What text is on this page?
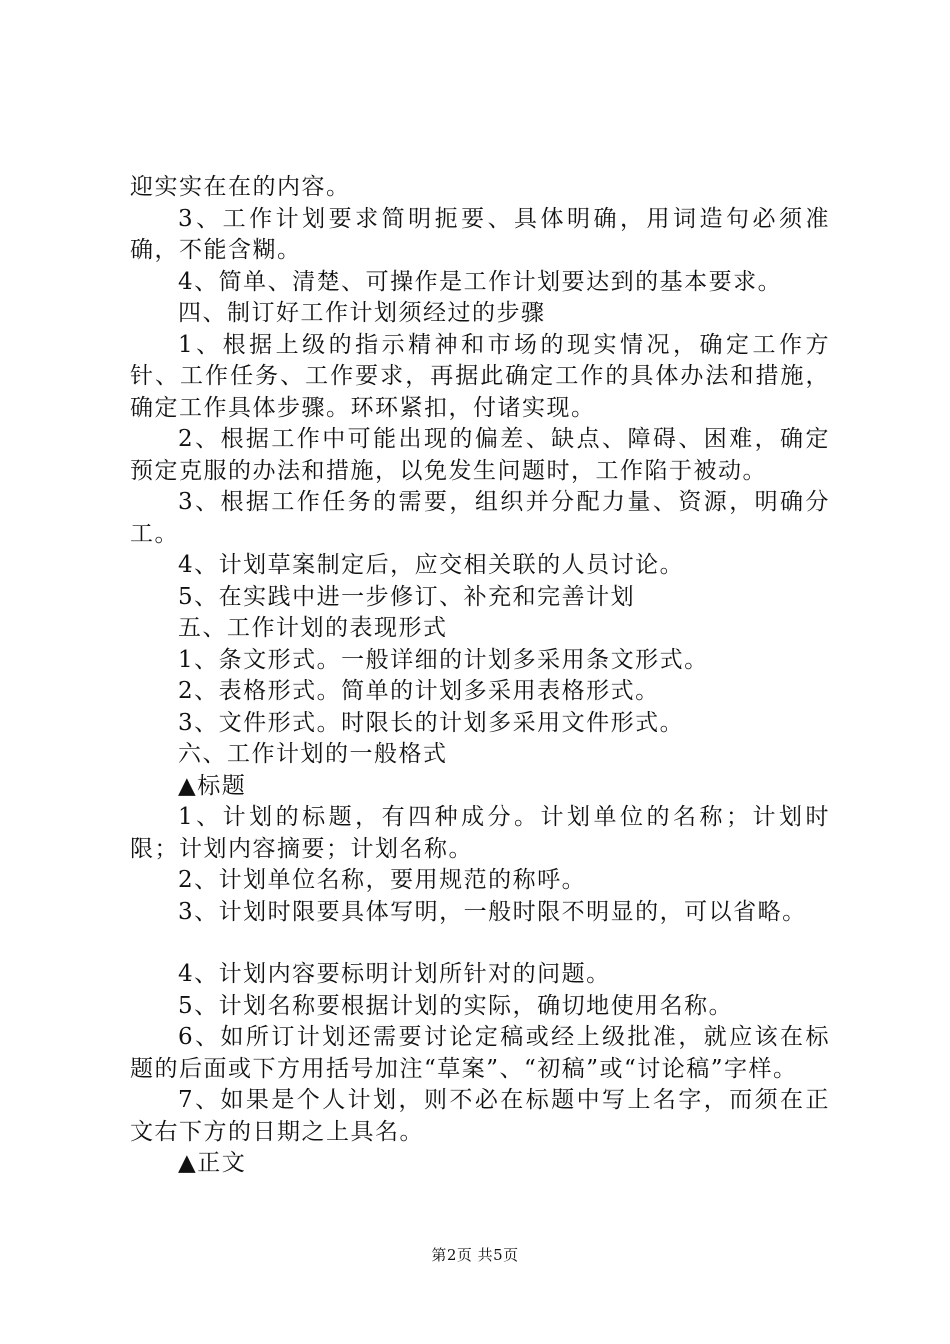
迎实实在在的内容。

3、工作计划要求简明扼要、具体明确，用词造句必须准确，不能含糊。

4、简单、清楚、可操作是工作计划要达到的基本要求。

四、制订好工作计划须经过的步骤

1、根据上级的指示精神和市场的现实情况，确定工作方针、工作任务、工作要求，再据此确定工作的具体办法和措施，确定工作具体步骤。环环紧扣，付诸实现。

2、根据工作中可能出现的偏差、缺点、障碍、困难，确定预定克服的办法和措施，以免发生问题时，工作陷于被动。

3、根据工作任务的需要，组织并分配力量、资源，明确分工。

4、计划草案制定后，应交相关联的人员讨论。

5、在实践中进一步修订、补充和完善计划

五、工作计划的表现形式

1、条文形式。一般详细的计划多采用条文形式。

2、表格形式。简单的计划多采用表格形式。

3、文件形式。时限长的计划多采用文件形式。

六、工作计划的一般格式

▲标题

1、计划的标题，有四种成分。计划单位的名称；计划时限；计划内容摘要；计划名称。

2、计划单位名称，要用规范的称呼。

3、计划时限要具体写明，一般时限不明显的，可以省略。

4、计划内容要标明计划所针对的问题。

5、计划名称要根据计划的实际，确切地使用名称。

6、如所订计划还需要讨论定稿或经上级批准，就应该在标题的后面或下方用括号加注“草案”、“初稿”或“讨论稿”字样。

7、如果是个人计划，则不必在标题中写上名字，而须在正文右下方的日期之上具名。

▲正文

第2页 共5页
